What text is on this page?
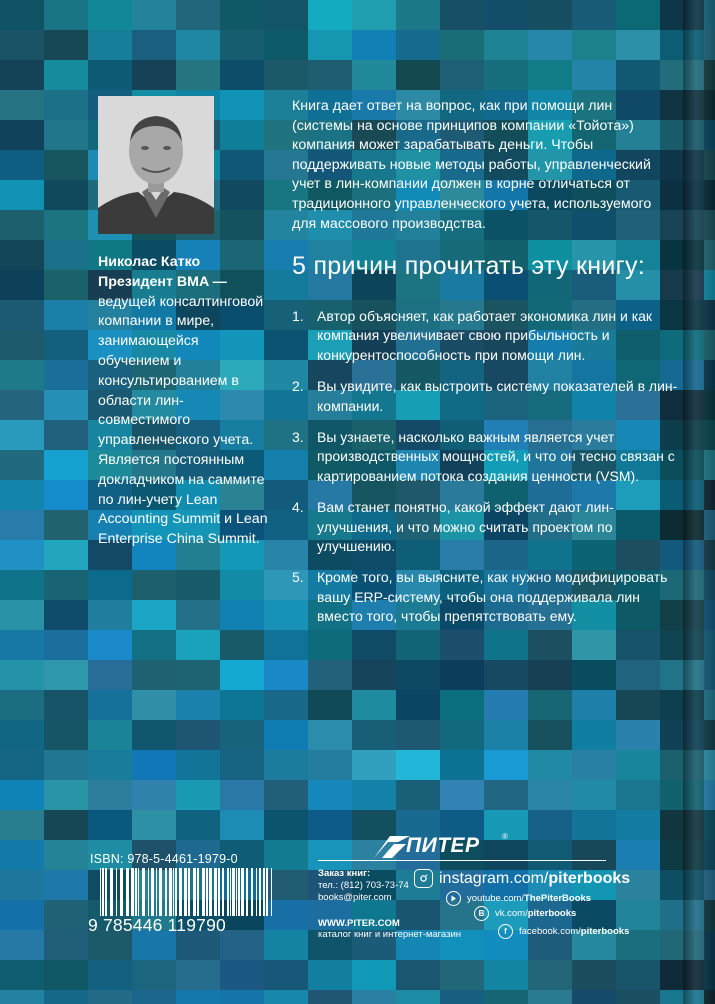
Николас Катко
Президент BMA —
ведущей консалтинговой компании в мире, занимающейся обучением и консультированием в области лин-совместимого управленческого учета. Является постоянным докладчиком на саммите по лин-учету Lean Accounting Summit и Lean Enterprise China Summit.
Книга дает ответ на вопрос, как при помощи лин (системы на основе принципов компании «Тойота») компания может зарабатывать деньги. Чтобы поддерживать новые методы работы, управленческий учет в лин-компании должен в корне отличаться от традиционного управленческого учета, используемого для массового производства.
5 причин прочитать эту книгу:
1. Автор объясняет, как работает экономика лин и как компания увеличивает свою прибыльность и конкурентоспособность при помощи лин.
2. Вы увидите, как выстроить систему показателей в лин-компании.
3. Вы узнаете, насколько важным является учет производственных мощностей, и что он тесно связан с картированием потока создания ценности (VSM).
4. Вам станет понятно, какой эффект дают лин-улучшения, и что можно считать проектом по улучшению.
5. Кроме того, вы выясните, как нужно модифицировать вашу ERP-систему, чтобы она поддерживала лин вместо того, чтобы препятствовать ему.
ISBN: 978-5-4461-1979-0
9 785446 119790
ПИТЕР	®
Заказ книг:
тел.: (812) 703-73-74
books@piter.com
WWW.PITER.COM
каталог книг и интернет-магазин
instagram.com/ piterbooks
youtube.com/ ThePiterBooks
B	vk.com/ piterbooks
f	facebook.com/ piterbooks
